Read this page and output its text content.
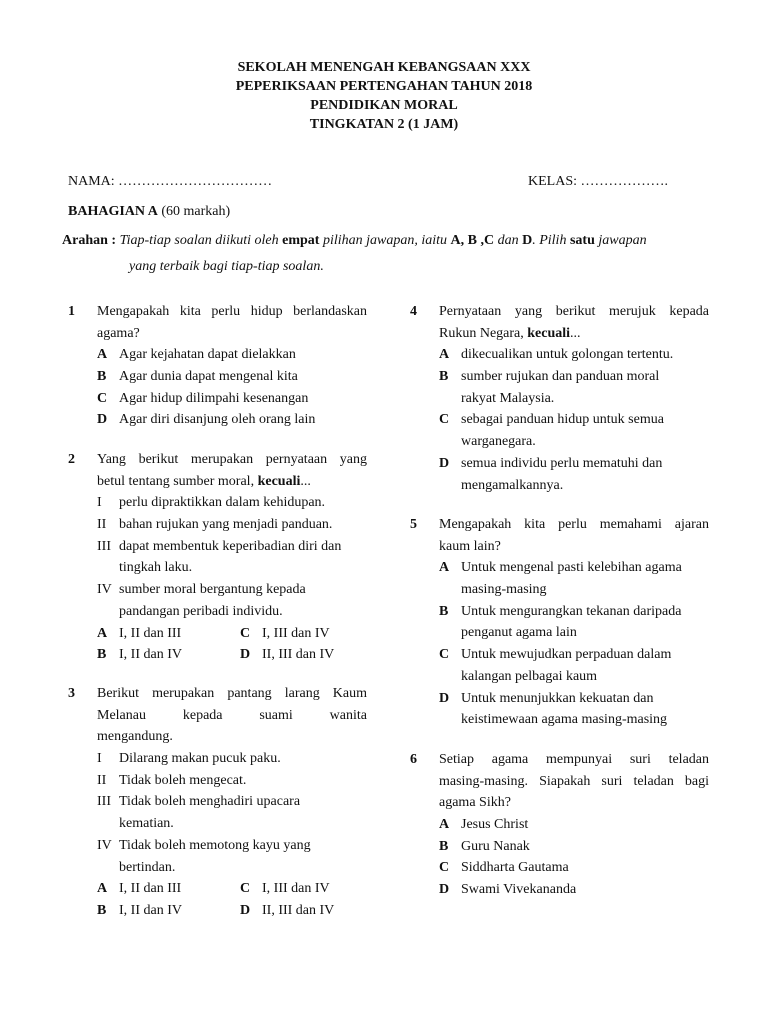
SEKOLAH MENENGAH KEBANGSAAN XXX
PEPERIKSAAN PERTENGAHAN TAHUN 2018
PENDIDIKAN MORAL
TINGKATAN 2 (1 JAM)
NAMA: ……………………………	KELAS: ……………….
BAHAGIAN A (60 markah)
Arahan : Tiap-tiap soalan diikuti oleh empat pilihan jawapan, iaitu A, B ,C dan D. Pilih satu jawapan
yang terbaik bagi tiap-tiap soalan.
1 Mengapakah kita perlu hidup berlandaskan
agama?
A Agar kejahatan dapat dielakkan
B Agar dunia dapat mengenal kita
C Agar hidup dilimpahi kesenangan
D Agar diri disanjung oleh orang lain
2 Yang berikut merupakan pernyataan yang
betul tentang sumber moral, kecuali...
I perlu dipraktikkan dalam kehidupan.
II bahan rujukan yang menjadi panduan.
III dapat membentuk keperibadian diri dan
tingkah laku.
IV sumber moral bergantung kepada
pandangan peribadi individu.
A I, II dan III	C I, III dan IV
B I, II dan IV	D II, III dan IV
3 Berikut merupakan pantang larang Kaum
Melanau kepada suami wanita
mengandung.
I Dilarang makan pucuk paku.
II Tidak boleh mengecat.
III Tidak boleh menghadiri upacara
kematian.
IV Tidak boleh memotong kayu yang
bertindan.
A I, II dan III	C I, III dan IV
B I, II dan IV	D II, III dan IV
4 Pernyataan yang berikut merujuk kepada
Rukun Negara, kecuali...
A dikecualikan untuk golongan tertentu.
B sumber rujukan dan panduan moral
rakyat Malaysia.
C sebagai panduan hidup untuk semua
warganegara.
D semua individu perlu mematuhi dan
mengamalkannya.
5 Mengapakah kita perlu memahami ajaran
kaum lain?
A Untuk mengenal pasti kelebihan agama
masing-masing
B Untuk mengurangkan tekanan daripada
penganut agama lain
C Untuk mewujudkan perpaduan dalam
kalangan pelbagai kaum
D Untuk menunjukkan kekuatan dan
keistimewaan agama masing-masing
6 Setiap agama mempunyai suri teladan
masing-masing. Siapakah suri teladan bagi
agama Sikh?
A Jesus Christ
B Guru Nanak
C Siddharta Gautama
D Swami Vivekananda
